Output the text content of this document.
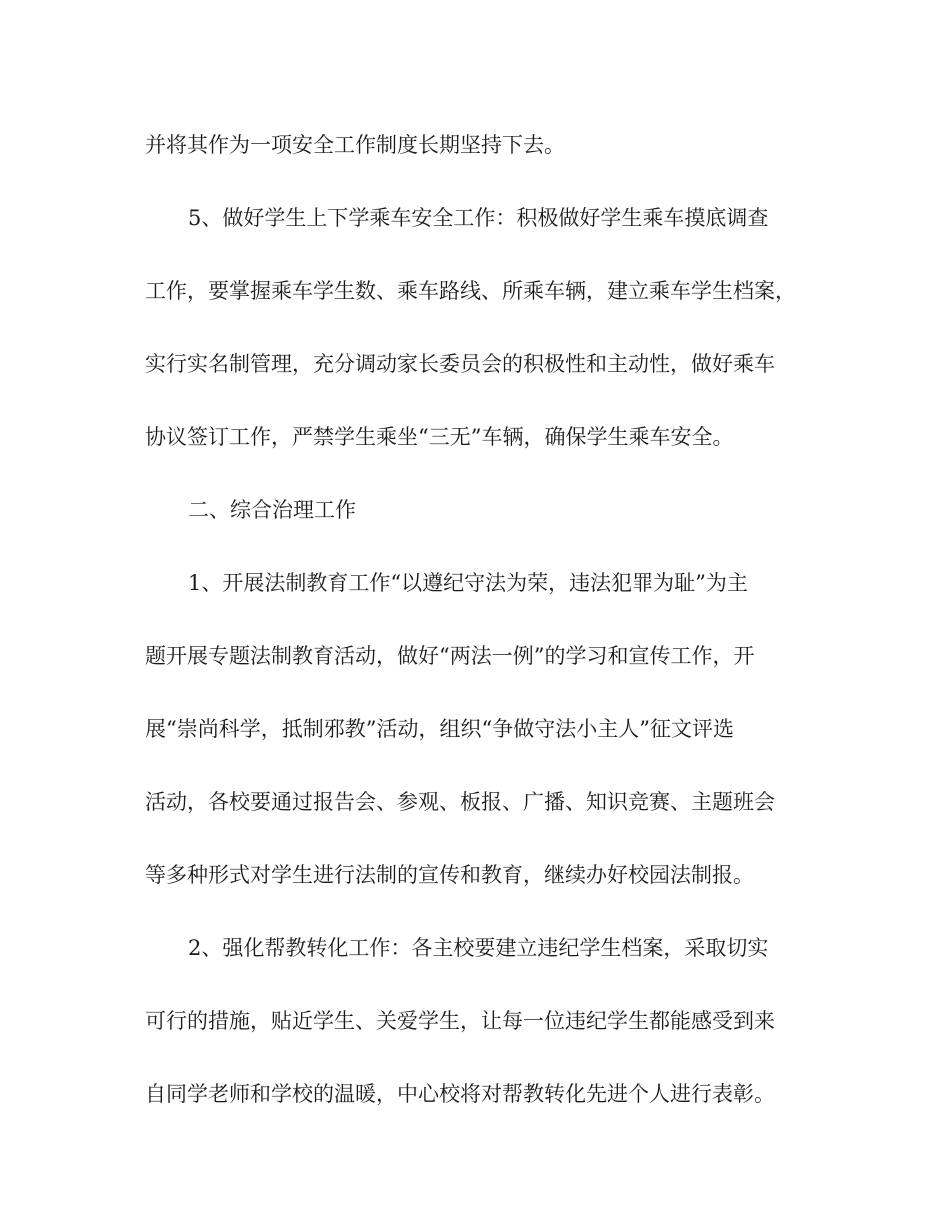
并将其作为一项安全工作制度长期坚持下去。

5、做好学生上下学乘车安全工作：积极做好学生乘车摸底调查

工作，要掌握乘车学生数、乘车路线、所乘车辆，建立乘车学生档案，

实行实名制管理，充分调动家长委员会的积极性和主动性，做好乘车

协议签订工作，严禁学生乘坐“三无”车辆，确保学生乘车安全。

二、综合治理工作

1、开展法制教育工作“以遵纪守法为荣，违法犯罪为耻”为主

题开展专题法制教育活动，做好“两法一例”的学习和宣传工作，开

展“崇尚科学，抵制邪教”活动，组织“争做守法小主人”征文评选

活动，各校要通过报告会、参观、板报、广播、知识竞赛、主题班会

等多种形式对学生进行法制的宣传和教育，继续办好校园法制报。

2、强化帮教转化工作：各主校要建立违纪学生档案，采取切实

可行的措施，贴近学生、关爱学生，让每一位违纪学生都能感受到来

自同学老师和学校的温暖，中心校将对帮教转化先进个人进行表彰。
